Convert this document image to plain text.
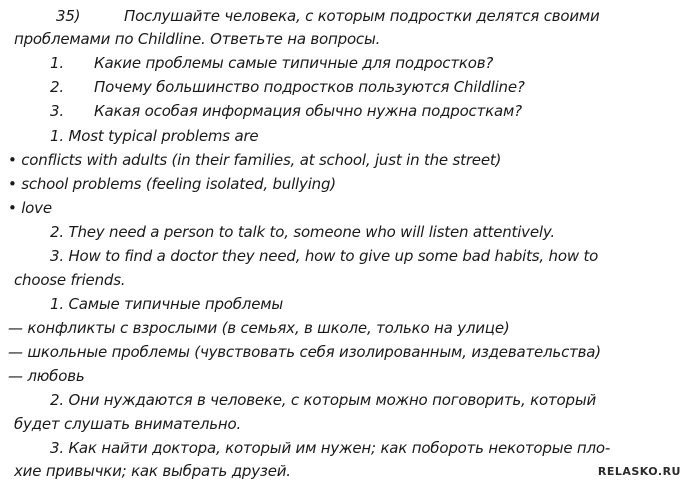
35)	Послушайте человека, с которым подростки делятся своими
проблемами по Childline. Ответьте на вопросы.
1. Какие проблемы самые типичные для подростков?
2. Почему большинство подростков пользуются Childline?
3. Какая особая информация обычно нужна подросткам?
1. Most typical problems are
• conflicts with adults (in their families, at school, just in the street)
• school problems (feeling isolated, bullying)
• love
2. They need a person to talk to, someone who will listen attentively.
3. How to find a doctor they need, how to give up some bad habits, how to
choose friends.
1. Самые типичные проблемы
— конфликты с взрослыми (в семьях, в школе, только на улице)
— школьные проблемы (чувствовать себя изолированным, издевательства)
— любовь
2. Они нуждаются в человеке, с которым можно поговорить, который
будет слушать внимательно.
3. Как найти доктора, который им нужен; как побороть некоторые пло-
хие привычки; как выбрать друзей.	RELASKO.RU
